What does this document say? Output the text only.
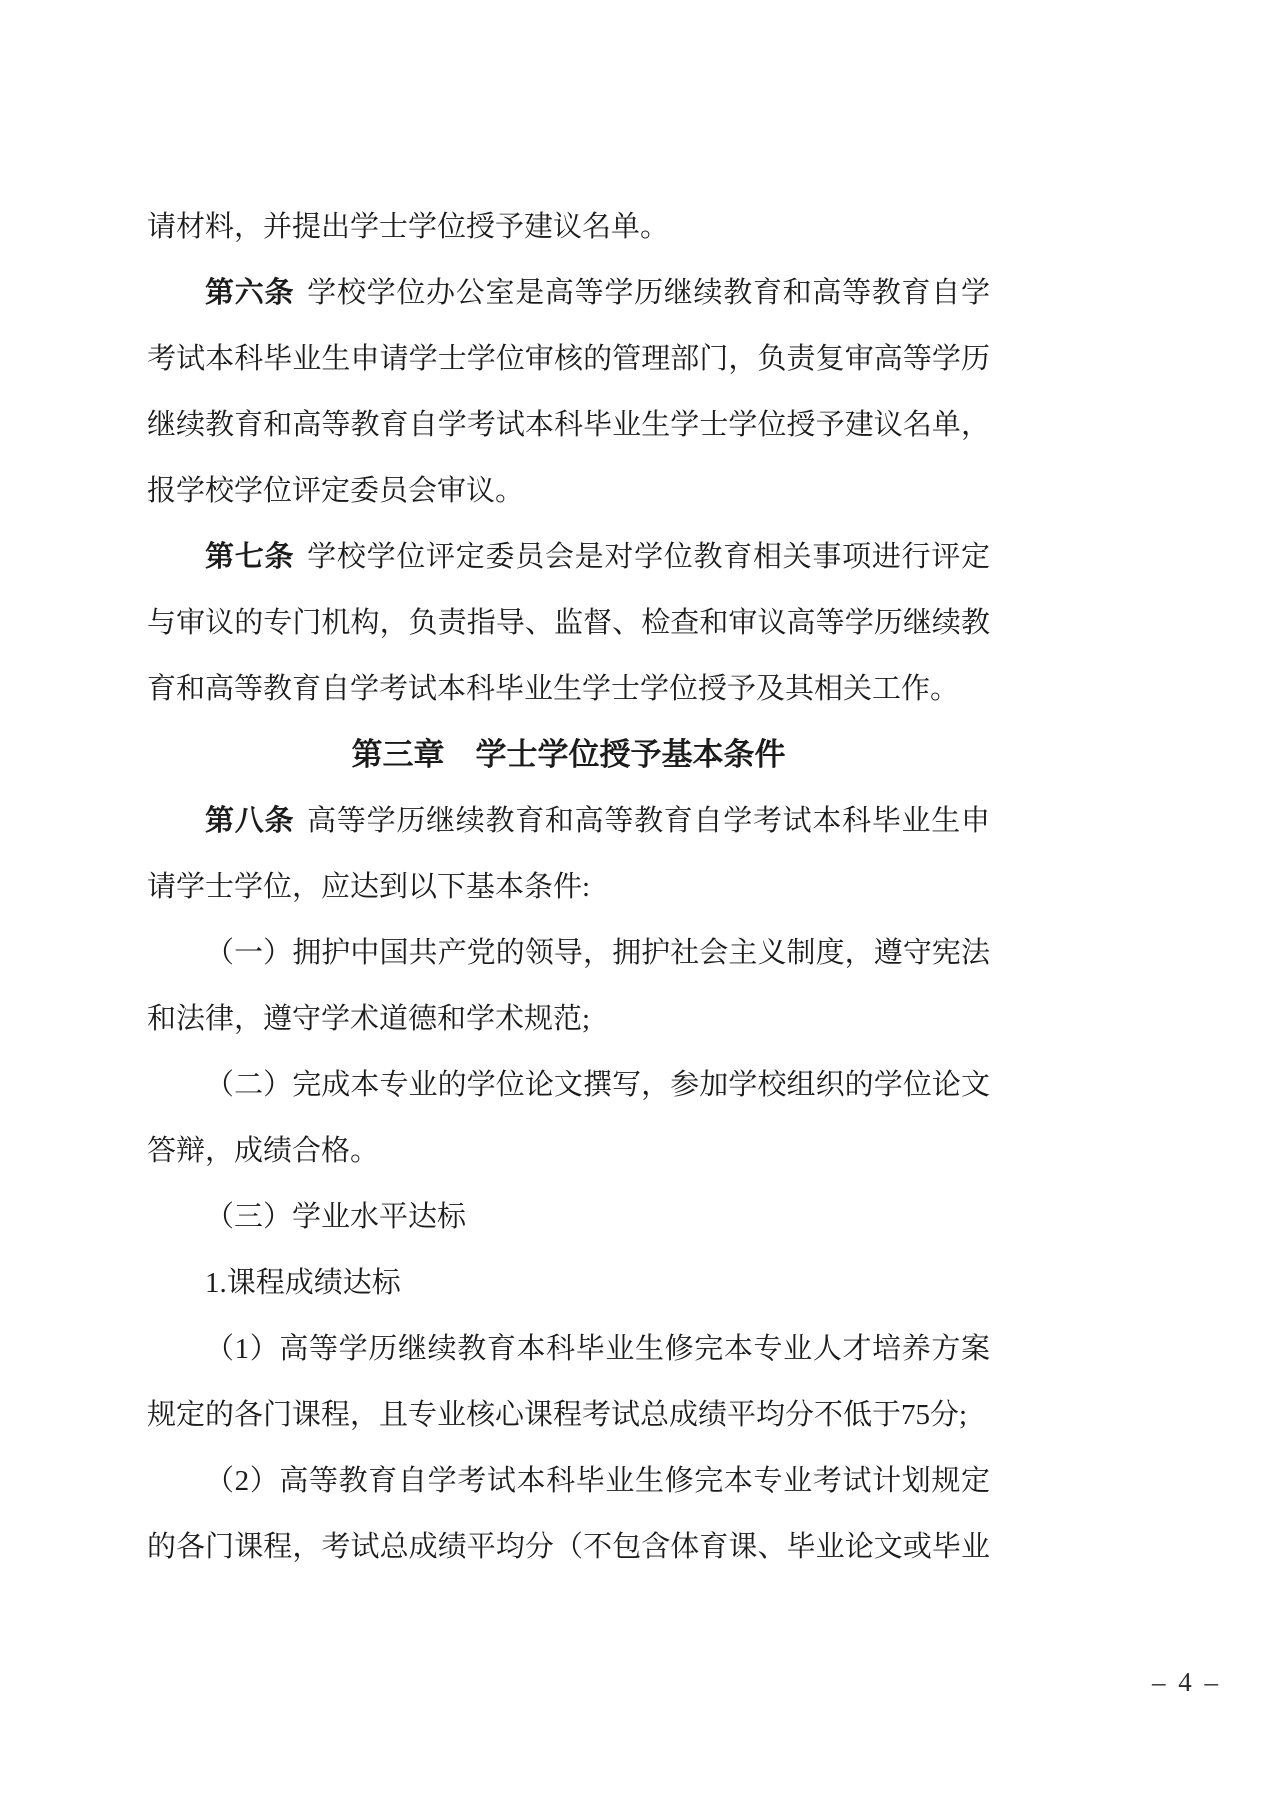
请材料，并提出学士学位授予建议名单。
第六条 学校学位办公室是高等学历继续教育和高等教育自学
考试本科毕业生申请学士学位审核的管理部门，负责复审高等学历
继续教育和高等教育自学考试本科毕业生学士学位授予建议名单，
报学校学位评定委员会审议。
第七条 学校学位评定委员会是对学位教育相关事项进行评定
与审议的专门机构，负责指导、监督、检查和审议高等学历继续教
育和高等教育自学考试本科毕业生学士学位授予及其相关工作。
第三章　学士学位授予基本条件
第八条 高等学历继续教育和高等教育自学考试本科毕业生申
请学士学位，应达到以下基本条件:
（一）拥护中国共产党的领导，拥护社会主义制度，遵守宪法
和法律，遵守学术道德和学术规范;
（二）完成本专业的学位论文撰写，参加学校组织的学位论文
答辩，成绩合格。
（三）学业水平达标
1.课程成绩达标
（1）高等学历继续教育本科毕业生修完本专业人才培养方案
规定的各门课程，且专业核心课程考试总成绩平均分不低于75分;
（2）高等教育自学考试本科毕业生修完本专业考试计划规定
的各门课程，考试总成绩平均分（不包含体育课、毕业论文或毕业
– 4 –
